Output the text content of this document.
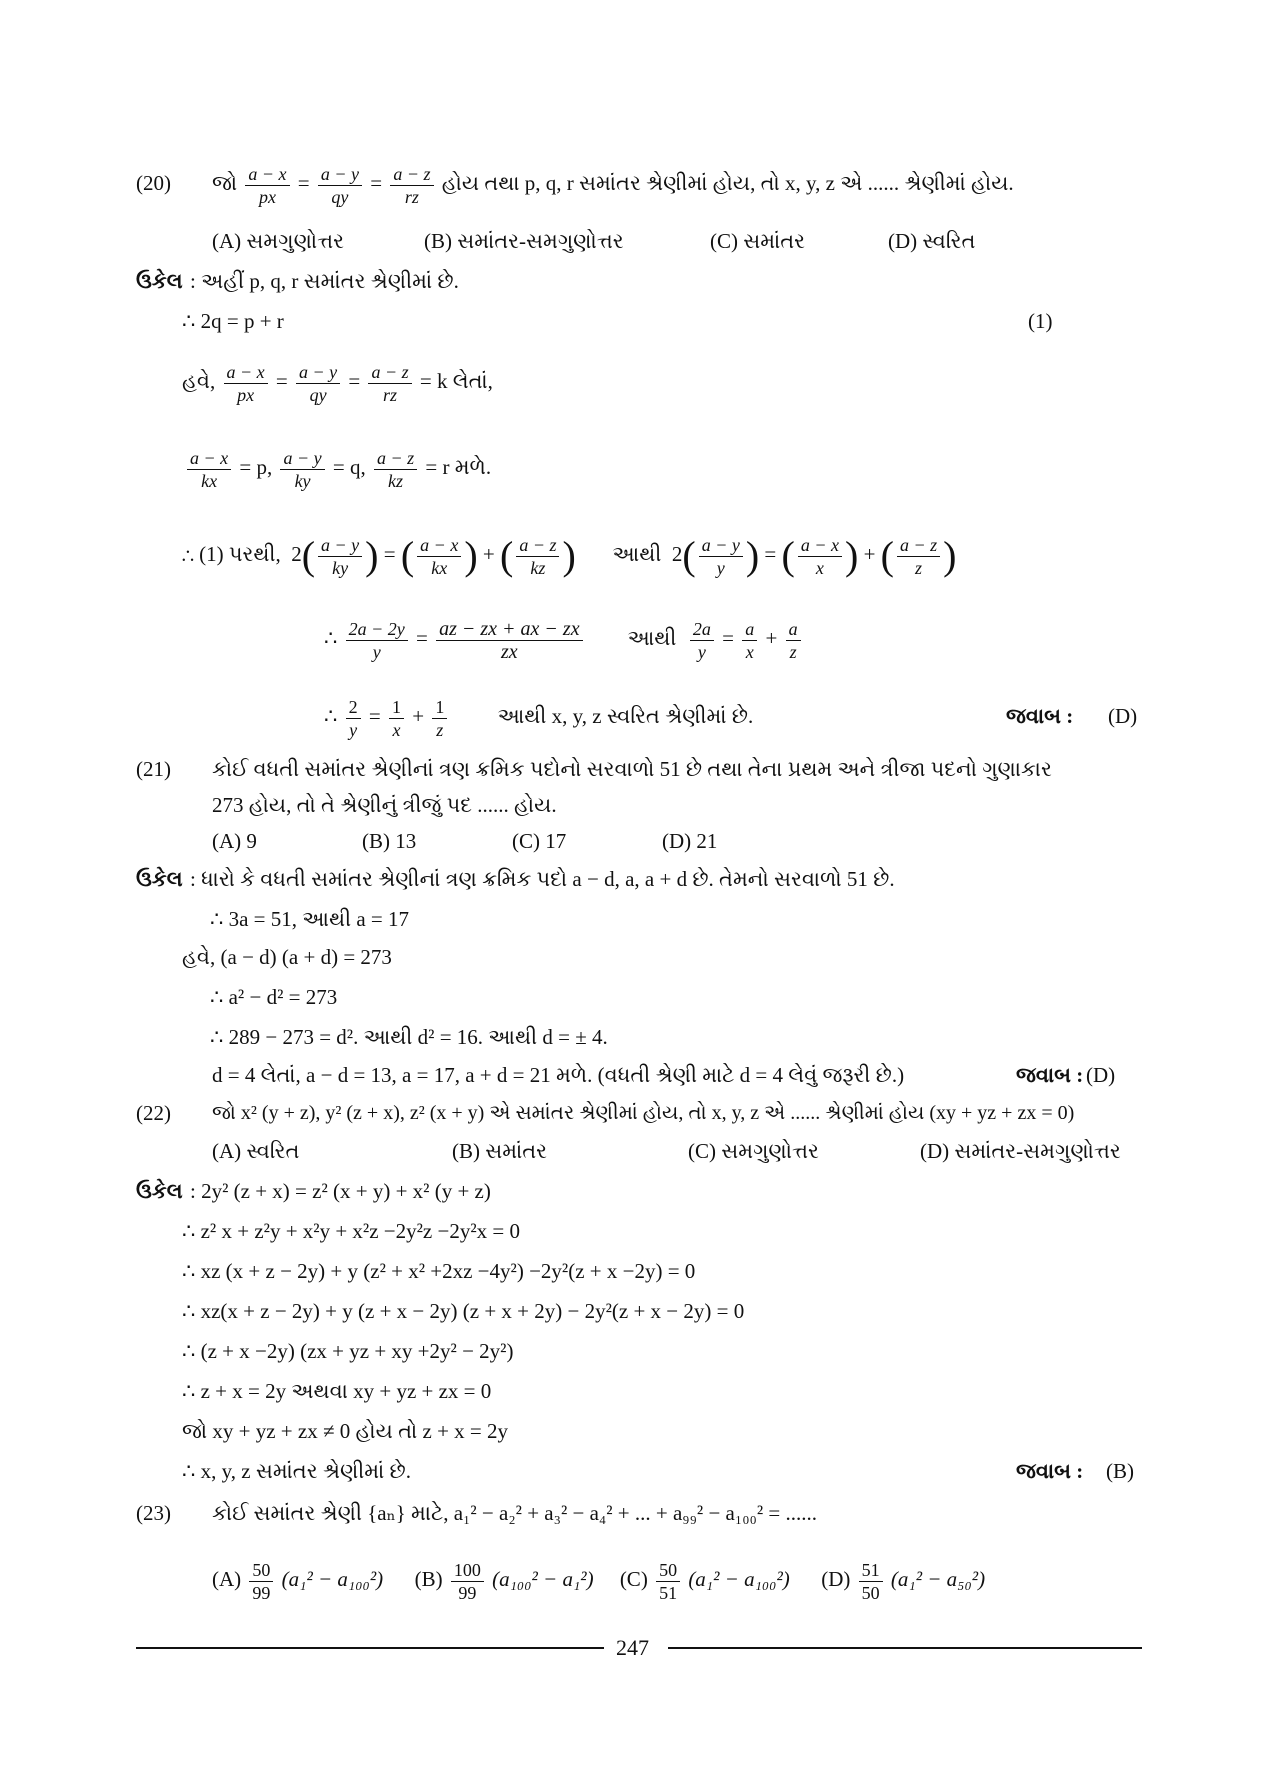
(20) જો $\frac{a - x}{px} = \frac{a - y}{qy} = \frac{a - z}{rz}$ હોય તથા p, q, r સમાંતર શ્રેણીમાં હોય, તો x, y, z એ ...... શ્રેણીમાં હોય.
(A) સમગુણોત્તર	(B) સમાંતર-સમગુણોત્તર	(C) સમાંતર	(D) સ્વરિત
ઉકેલ : અહીં p, q, r સમાંતર શ્રેણીમાં છે.
∴ 2q = p + r	(1)
હવે, $\frac{a - x}{px} = \frac{a - y}{qy} = \frac{a - z}{rz} = k$ લેતાં,
$\frac{a - x}{kx} = p$, $\frac{a - y}{ky} = q$, $\frac{a - z}{kz} = r$ મળે.
∴ (1) પરથી,  $2( \frac{a - y}{ky}$ ) = ( $\frac{a - x}{kx}$ ) + ( $\frac{a - z}{kz}$ ) આથી  $2( \frac{a - y}{y}$ ) = ( $\frac{a - x}{x}$ ) + ( $\frac{a - z}{z}$ )
∴ $\frac{2a - 2y}{y} = \frac{az - zx + ax - zx}{zx}$ આથી $\frac{2a}{y} = \frac{a}{x} + \frac{a}{z}$
∴ $\frac{2}{y} = \frac{1}{x} + \frac{1}{z}$ આથી x, y, z સ્વરિત શ્રેણીમાં છે.	જવાબ : (D)
(21) કોઈ વધતી સમાંતર શ્રેણીનાં ત્રણ ક્રમિક પદોનો સરવાળો 51 છે તથા તેના પ્રથમ અને ત્રીજા પદનો ગુણાકાર
273 હોય, તો તે શ્રેણીનું ત્રીજું પદ ...... હોય.
(A) 9	(B) 13	(C) 17	(D) 21
ઉકેલ : ધારો કે વધતી સમાંતર શ્રેણીનાં ત્રણ ક્રમિક પદો a − d, a, a + d છે. તેમનો સરવાળો 51 છે.
∴ 3a = 51, આથી a = 17
હવે, (a − d) (a + d) = 273
∴ a² − d² = 273
∴ 289 − 273 = d². આથી d² = 16. આથી d = ± 4.
d = 4 લેતાં, a − d = 13, a = 17, a + d = 21 મળે. (વધતી શ્રેણી માટે d = 4 લેવું જરૂરી છે.)	જવાબ : (D)
(22) જો x² (y + z), y² (z + x), z² (x + y) એ સમાંતર શ્રેણીમાં હોય, તો x, y, z એ ...... શ્રેણીમાં હોય (xy + yz + zx = 0)
(A) સ્વરિત	(B) સમાંતર	(C) સમગુણોત્તર	(D) સમાંતર-સમગુણોત્તર
ઉકેલ : 2y² (z + x) = z² (x + y) + x² (y + z)
∴ z² x + z²y + x²y + x²z −2y²z −2y²x = 0
∴ xz (x + z − 2y) + y (z² + x² +2xz −4y²) −2y²(z + x −2y) = 0
∴ xz(x + z − 2y) + y (z + x − 2y) (z + x + 2y) − 2y²(z + x − 2y) = 0
∴ (z + x −2y) (zx + yz + xy +2y² − 2y²)
∴ z + x = 2y અથવા xy + yz + zx = 0
જો xy + yz + zx ≠ 0 હોય તો z + x = 2y
∴ x, y, z સમાંતર શ્રેણીમાં છે.	જવાબ : (B)
(23) કોઈ સમાંતર શ્રેણી {aₙ} માટે, a₁² − a₂² + a₃² − a₄² + ... + a₉₉² − a₁₀₀² = ......
$(A) \frac{50}{99} (a_1^2 - a_{100}^2)$ $(B) \frac{100}{99} (a_{100}^2 - a_1^2)$ $(C) \frac{50}{51} (a_1^2 - a_{100}^2)$ $(D) \frac{51}{50} (a_1^2 - a_{50}^2)$
247
